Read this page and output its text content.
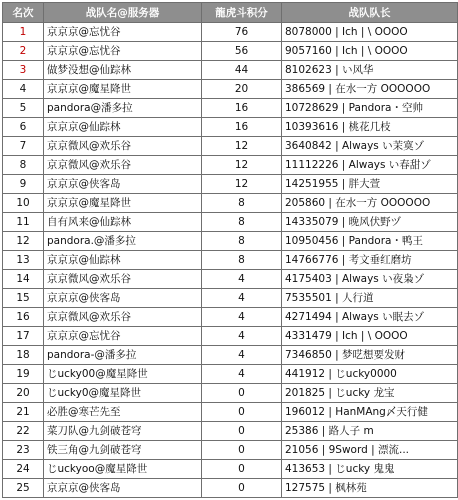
名次	战队名@服务器	龍虎斗积分	战队队长
1	京京京@忘忧谷	76	8078000 | Ich | \ OOOO
2	京京京@忘忧谷	56	9057160 | Ich | \ OOOO
3	做梦没想@仙踪林	44	8102623 | い风华
4	京京京@魔星降世	20	386569 | 在水一方 OOOOOO
5	pandora@潘多拉	16	10728629 | Pandora・空帅
6	京京京@仙踪林	16	10393616 | 桃花几枝
7	京京微风@欢乐谷	12	3640842 | Always い茉寞ゾ
8	京京微风@欢乐谷	12	11112226 | Always い春甜ゾ
9	京京京@侠客岛	12	14251955 | 胖大萱
10	京京京@魔星降世	8	205860 | 在水一方 OOOOOO
11	自有风来@仙踪林	8	14335079 | 晚风伏野ヅ
12	pandora.@潘多拉	8	10950456 | Pandora・鸭王
13	京京京@仙踪林	8	14766776 | 考文垂红磨坊
14	京京微风@欢乐谷	4	4175403 | Always い夜枭ゾ
15	京京京@侠客岛	4	7535501 | 人行道
16	京京微风@欢乐谷	4	4271494 | Always い眠去ゾ
17	京京京@忘忧谷	4	4331479 | Ich | \ OOOO
18	pandora-@潘多拉	4	7346850 | 梦呓想要发财
19	じucky00@魔星降世	4	441912 | じucky0000
20	じucky0@魔星降世	0	201825 | じucky 龙宝
21	必胜@寒芒先至	0	196012 | HanMAng〆天行健
22	菜刀队@九剑破苍穹	0	25386 | 路人子 m
23	铁三角@九剑破苍穹	0	21056 | 9Sword | 漂流...
24	じuckyoo@魔星降世	0	413653 | じucky 鬼鬼
25	京京京@侠客岛	0	127575 | 枫林苑
